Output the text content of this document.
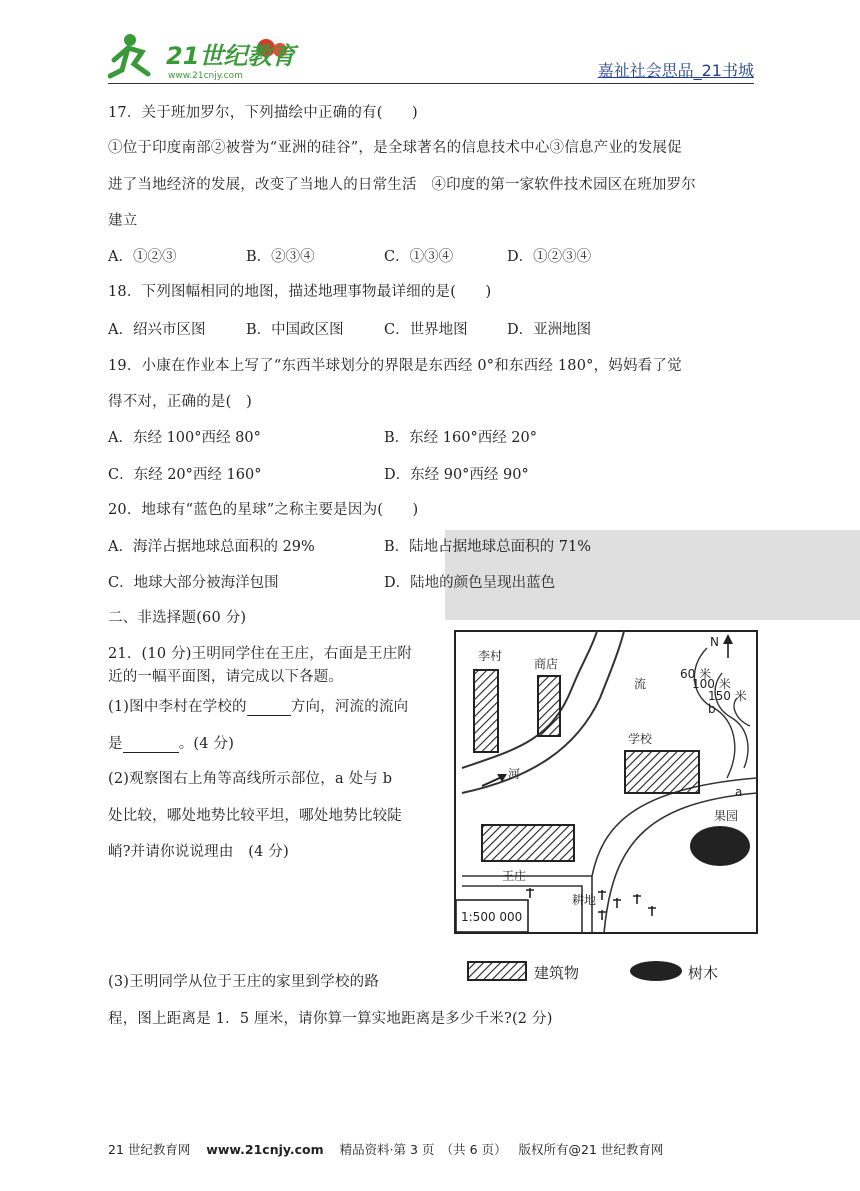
21世纪教育
www.21cnjy.com	嘉祉社会思品_21书城
17．关于班加罗尔，下列描绘中正确的有(　　)
①位于印度南部②被誉为“亚洲的硅谷”，是全球著名的信息技术中心③信息产业的发展促
进了当地经济的发展，改变了当地人的日常生活　④印度的第一家软件技术园区在班加罗尔
建立
A．①②③	B．②③④	C．①③④	D．①②③④
18．下列图幅相同的地图，描述地理事物最详细的是(　　)
A．绍兴市区图	B．中国政区图	C．世界地图	D．亚洲地图
19．小康在作业本上写了“东西半球划分的界限是东西经 0°和东西经 180°，妈妈看了觉
得不对，正确的是(　)
A．东经 100°西经 80°	B．东经 160°西经 20°
C．东经 20°西经 160°	D．东经 90°西经 90°
20．地球有“蓝色的星球”之称主要是因为(　　)
A．海洋占据地球总面积的 29%	B．陆地占据地球总面积的 71%
C．地球大部分被海洋包围	D．陆地的颜色呈现出蓝色
二、非选择题(60 分)
21．(10 分)王明同学住在王庄，右面是王庄附
近的一幅平面图，请完成以下各题。
(1)图中李村在学校的	方向，河流的流向
是	。(4 分)
(2)观察图右上角等高线所示部位，a 处与 b
处比较，哪处地势比较平坦，哪处地势比较陡
峭?并请你说说理由　(4 分)
(3)王明同学从位于王庄的家里到学校的路
程，图上距离是 1．5 厘米，请你算一算实地距离是多少千米?(2 分)
N
1:500 000
李村
商店
学校
河
流
果园
王庄
耕地
150 米
100 米
60 米
b
a
建筑物	树木
21 世纪教育网 www.21cnjy.com 精品资料·第 3 页　（共 6 页） 版权所有@21 世纪教育网
